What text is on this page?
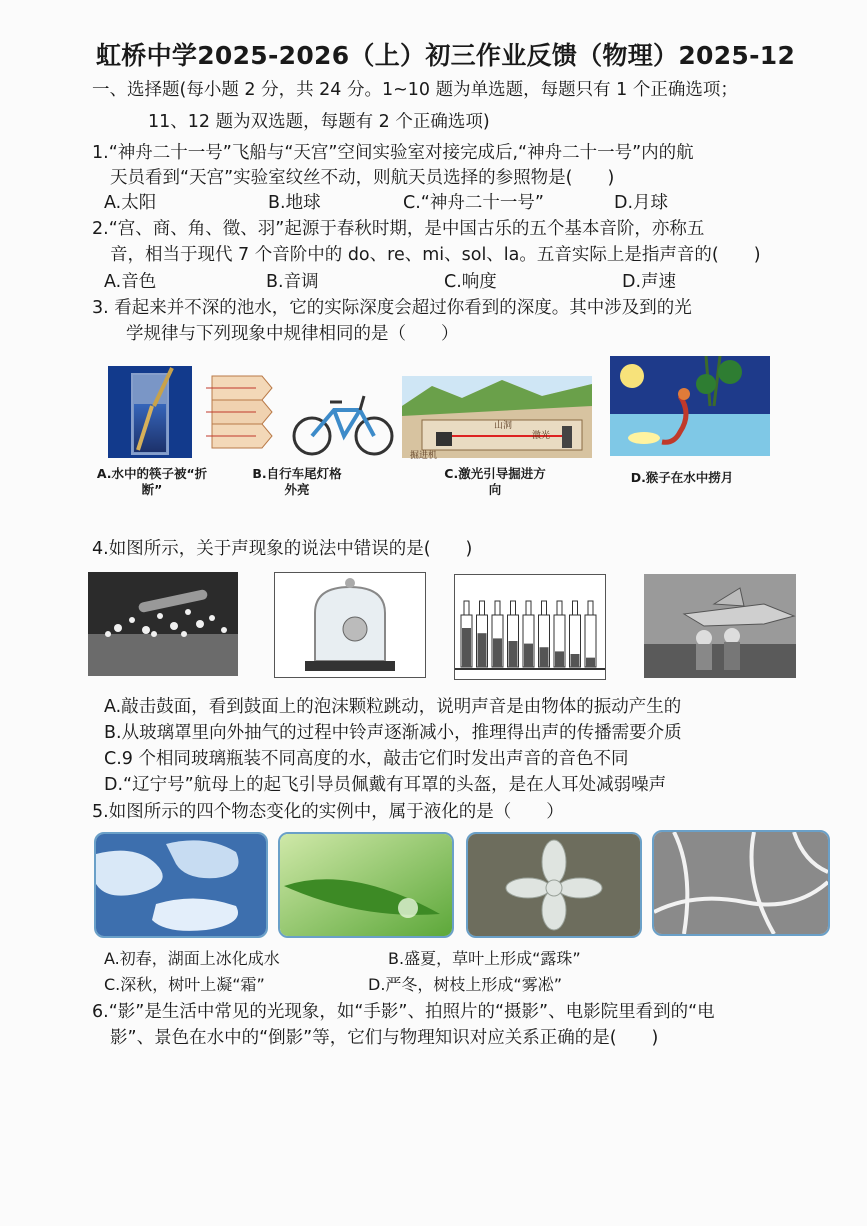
虹桥中学2025-2026（上）初三作业反馈（物理）2025-12
一、选择题(每小题 2 分，共 24 分。1~10 题为单选题，每题只有 1 个正确选项；
11、12 题为双选题，每题有 2 个正确选项)
1.“神舟二十一号”飞船与“天宫”空间实验室对接完成后,“神舟二十一号”内的航
天员看到“天宫”实验室纹丝不动，则航天员选择的参照物是(　　)
A.太阳	B.地球	C.“神舟二十一号”	D.月球
2.“宫、商、角、徵、羽”起源于春秋时期，是中国古乐的五个基本音阶，亦称五
音，相当于现代 7 个音阶中的 do、re、mi、sol、la。五音实际上是指声音的(　　)
A.音色	B.音调	C.响度	D.声速
3. 看起来并不深的池水，它的实际深度会超过你看到的深度。其中涉及到的光
学规律与下列现象中规律相同的是（　　）
A.水中的筷子被“折断”
B.自行车尾灯格外亮
山洞
激光
掘进机
C.激光引导掘进方向
D.猴子在水中捞月
4.如图所示，关于声现象的说法中错误的是(　　)
A.敲击鼓面，看到鼓面上的泡沫颗粒跳动，说明声音是由物体的振动产生的
B.从玻璃罩里向外抽气的过程中铃声逐渐减小，推理得出声的传播需要介质
C.9 个相同玻璃瓶装不同高度的水，敲击它们时发出声音的音色不同
D.“辽宁号”航母上的起飞引导员佩戴有耳罩的头盔，是在人耳处减弱噪声
5.如图所示的四个物态变化的实例中，属于液化的是（　　）
A.初春，湖面上冰化成水	B.盛夏，草叶上形成“露珠”
C.深秋，树叶上凝“霜”	D.严冬，树枝上形成“雾凇”
6.“影”是生活中常见的光现象，如“手影”、拍照片的“摄影”、电影院里看到的“电
影”、景色在水中的“倒影”等，它们与物理知识对应关系正确的是(　　)
